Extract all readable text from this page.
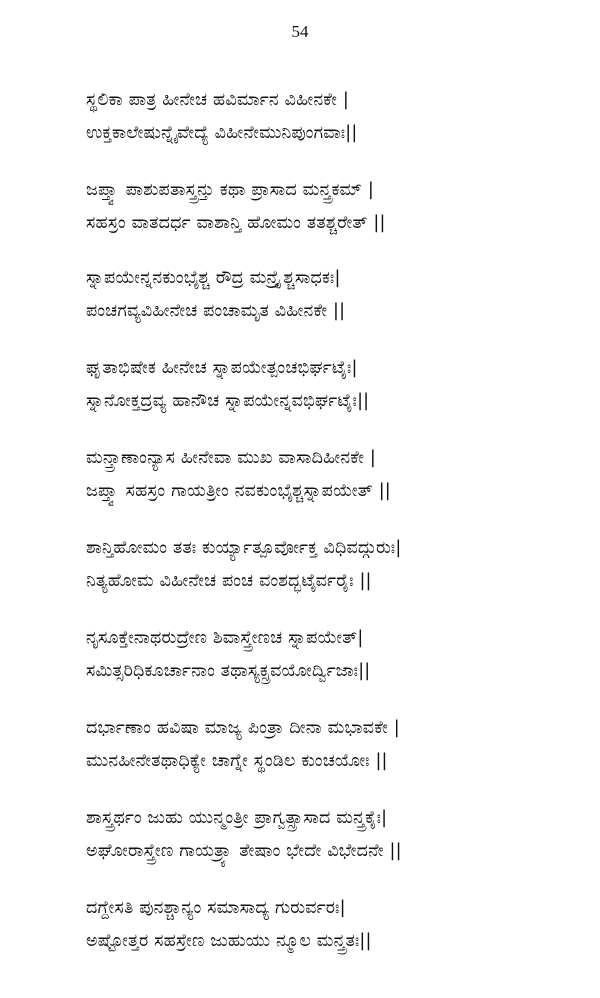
54
ಸ್ಥಲಿಕಾ ಪಾತ್ರ ಹೀನೇಚ ಹವಿರ್ಮಾನ ವಿಹೀನಕೇ |
ಉಕ್ತಕಾಲೇಷುನ್ನೈವೇದ್ಯೆ ವಿಹೀನೇಮುನಿಪುಂಗವಾಃ||
ಜಪ್ತ್ವಾ ಪಾಶುಪತಾಸ್ತ್ರನ್ತು ಕಥಾ ಪ್ರಾಸಾದ ಮನ್ತ್ರಕಮ್ |
ಸಹಸ್ರಂ ವಾತದರ್ಧ ವಾಶಾನ್ತಿ ಹೋಮಂ ತತಶ್ಚರೇತ್ ||
ಸ್ನಾಪಯೇನ್ನನಕುಂಭೈಶ್ಚ ರೌದ್ರ ಮನ್ತ್ರೈಶ್ಚಸಾಧಕಃ|
ಪಂಚಗವ್ಯವಿಹೀನೇಚ ಪಂಚಾಮೃತ ವಿಹೀನಕೇ ||
ಘೃತಾಭಿಷೇಕ ಹೀನೇಚ ಸ್ನಾಪಯೇತ್ಪಂಚಭಿರ್ಘಟೈಃ|
ಸ್ನಾನೋಕ್ತದ್ರವ್ಯ ಹಾನೌಚ ಸ್ನಾಪಯೇನ್ನವಭಿರ್ಘಟೈಃ||
ಮನ್ತ್ರಾಣಾಂನ್ಯಾಸ ಹೀನೇವಾ ಮುಖ ವಾಸಾದಿಹೀನಕೇ |
ಜಪ್ತ್ವಾ ಸಹಸ್ರಂ ಗಾಯತ್ರೀಂ ನವಕುಂಭೈಶ್ಚಸ್ನಾಪಯೇತ್ ||
ಶಾನ್ತಿಹೋಮಂ ತತಃ ಕುರ್ಯ್ಯಾತ್ಪೂರ್ವೋಕ್ತ ವಿಧಿವದ್ಗುರುಃ|
ನಿತ್ಯಹೋಮ ವಿಹೀನೇಚ ಪಂಚ ವಂಶದ್ಭಟೈರ್ವರೈಃ ||
ನೃಸೂಕ್ತೇನಾಥರುದ್ರೇಣ ಶಿವಾಸ್ತ್ರೇಣಚ ಸ್ನಾಪಯೇತ್|
ಸಮಿತ್ಸರಿಧಿಕೂರ್ಚಾನಾಂ ತಥಾಸ್ಯಕ್ಸ್ರವಯೋರ್ದ್ವಿಜಾಃ||
ದರ್ಭಾಣಾಂ ಹವಿಷಾ ಮಾಜ್ಯ ಪಿಂತ್ರಾ ದೀನಾ ಮಭಾವಕೇ |
ಮುನಹೀನೇತಥಾಧಿಕ್ಯೇ ಚಾಗ್ನೇ ಸ್ಥಂಡಿಲ ಕುಂಚಯೋಃ ||
ಶಾಸ್ತ್ರರ್ಥಂ ಜುಹು ಯುನ್ಮಂತ್ರೀ ಪ್ರಾಗ್ವತ್ಸ್ರಾಸಾದ ಮನ್ತ್ರಕೈಃ|
ಅಘೋರಾಸ್ತ್ರೇಣ ಗಾಯತ್ರ್ಯಾ ತೇಷಾಂ ಭೇದೇ ವಿಭೇದನೇ ||
ದಗ್ದೇಸತಿ ಪುನಶ್ಚಾನ್ಯಂ ಸಮಾಸಾದ್ಯ ಗುರುರ್ವರಃ|
ಅಷ್ಟೋತ್ತರ ಸಹಸ್ರೇಣ ಜುಹುಯು ನ್ಮೂಲ ಮನ್ತ್ರತಃ||
